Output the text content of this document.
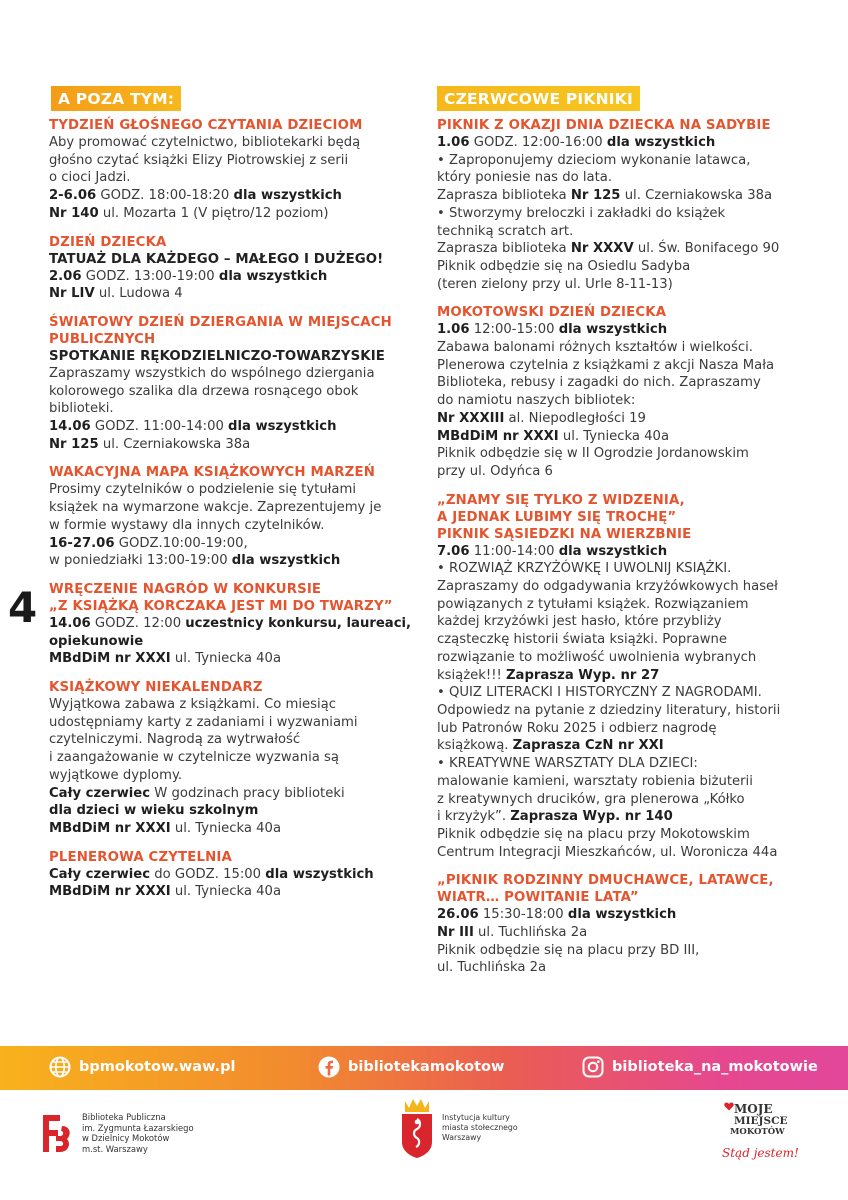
A POZA TYM:
TYDZIEŃ GŁOŚNEGO CZYTANIA DZIECIOM
Aby promować czytelnictwo, bibliotekarki będą
głośno czytać książki Elizy Piotrowskiej z serii
o cioci Jadzi.
2-6.06 GODZ. 18:00-18:20 dla wszystkich
Nr 140 ul. Mozarta 1 (V piętro/12 poziom)
DZIEŃ DZIECKA
TATUAŻ DLA KAŻDEGO – MAŁEGO I DUŻEGO!
2.06 GODZ. 13:00-19:00 dla wszystkich
Nr LIV ul. Ludowa 4
ŚWIATOWY DZIEŃ DZIERGANIA W MIEJSCACH
PUBLICZNYCH
SPOTKANIE RĘKODZIELNICZO-TOWARZYSKIE
Zapraszamy wszystkich do wspólnego dziergania
kolorowego szalika dla drzewa rosnącego obok
biblioteki.
14.06 GODZ. 11:00-14:00 dla wszystkich
Nr 125 ul. Czerniakowska 38a
WAKACYJNA MAPA KSIĄŻKOWYCH MARZEŃ
Prosimy czytelników o podzielenie się tytułami
książek na wymarzone wakcje. Zaprezentujemy je
w formie wystawy dla innych czytelników.
16-27.06 GODZ.10:00-19:00,
w poniedziałki 13:00-19:00 dla wszystkich
WRĘCZENIE NAGRÓD W KONKURSIE
„Z KSIĄŻKĄ KORCZAKA JEST MI DO TWARZY”
14.06 GODZ. 12:00 uczestnicy konkursu, laureaci,
opiekunowie
MBdDiM nr XXXI ul. Tyniecka 40a
KSIĄŻKOWY NIEKALENDARZ
Wyjątkowa zabawa z książkami. Co miesiąc
udostępniamy karty z zadaniami i wyzwaniami
czytelniczymi. Nagrodą za wytrwałość
i zaangażowanie w czytelnicze wyzwania są
wyjątkowe dyplomy.
Cały czerwiec W godzinach pracy biblioteki
dla dzieci w wieku szkolnym
MBdDiM nr XXXI ul. Tyniecka 40a
PLENEROWA CZYTELNIA
Cały czerwiec do GODZ. 15:00 dla wszystkich
MBdDiM nr XXXI ul. Tyniecka 40a
CZERWCOWE PIKNIKI
PIKNIK Z OKAZJI DNIA DZIECKA NA SADYBIE
1.06 GODZ. 12:00-16:00 dla wszystkich
• Zaproponujemy dzieciom wykonanie latawca,
który poniesie nas do lata.
Zaprasza biblioteka Nr 125 ul. Czerniakowska 38a
• Stworzymy breloczki i zakładki do książek
techniką scratch art.
Zaprasza biblioteka Nr XXXV ul. Św. Bonifacego 90
Piknik odbędzie się na Osiedlu Sadyba
(teren zielony przy ul. Urle 8-11-13)
MOKOTOWSKI DZIEŃ DZIECKA
1.06 12:00-15:00 dla wszystkich
Zabawa balonami różnych kształtów i wielkości.
Plenerowa czytelnia z książkami z akcji Nasza Mała
Biblioteka, rebusy i zagadki do nich. Zapraszamy
do namiotu naszych bibliotek:
Nr XXXIII al. Niepodległości 19
MBdDiM nr XXXI ul. Tyniecka 40a
Piknik odbędzie się w II Ogrodzie Jordanowskim
przy ul. Odyńca 6
„ZNAMY SIĘ TYLKO Z WIDZENIA,
A JEDNAK LUBIMY SIĘ TROCHĘ”
PIKNIK SĄSIEDZKI NA WIERZBNIE
7.06 11:00-14:00 dla wszystkich
• ROZWIĄŻ KRZYŻÓWKĘ I UWOLNIJ KSIĄŻKI.
Zapraszamy do odgadywania krzyżówkowych haseł
powiązanych z tytułami książek. Rozwiązaniem
każdej krzyżówki jest hasło, które przybliży
cząsteczkę historii świata książki. Poprawne
rozwiązanie to możliwość uwolnienia wybranych
książek!!! Zaprasza Wyp. nr 27
• QUIZ LITERACKI I HISTORYCZNY Z NAGRODAMI.
Odpowiedz na pytanie z dziedziny literatury, historii
lub Patronów Roku 2025 i odbierz nagrodę
książkową. Zaprasza CzN nr XXI
• KREATYWNE WARSZTATY DLA DZIECI:
malowanie kamieni, warsztaty robienia biżuterii
z kreatywnych drucików, gra plenerowa „Kółko
i krzyżyk”. Zaprasza Wyp. nr 140
Piknik odbędzie się na placu przy Mokotowskim
Centrum Integracji Mieszkańców, ul. Woronicza 44a
„PIKNIK RODZINNY DMUCHAWCE, LATAWCE,
WIATR… POWITANIE LATA”
26.06 15:30-18:00 dla wszystkich
Nr III ul. Tuchlińska 2a
Piknik odbędzie się na placu przy BD III,
ul. Tuchlińska 2a
4
bpmokotow.waw.pl	bibliotekamokotow	biblioteka_na_mokotowie
Biblioteka Publiczna
im. Zygmunta Łazarskiego
w Dzielnicy Mokotów
m.st. Warszawy
Instytucja kultury
miasta stołecznego
Warszawy
MOJE
MIEJSCE
MOKOTÓW
Stąd jestem!
